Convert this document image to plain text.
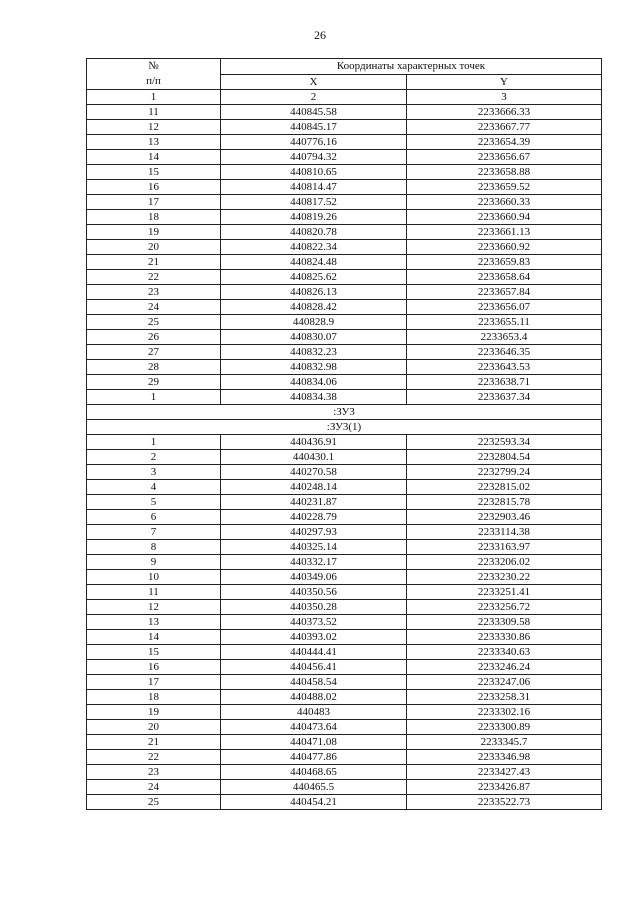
26
№
п/п	Координаты характерных точек	
	X	Y
1	2	3
11	440845.58	2233666.33
12	440845.17	2233667.77
13	440776.16	2233654.39
14	440794.32	2233656.67
15	440810.65	2233658.88
16	440814.47	2233659.52
17	440817.52	2233660.33
18	440819.26	2233660.94
19	440820.78	2233661.13
20	440822.34	2233660.92
21	440824.48	2233659.83
22	440825.62	2233658.64
23	440826.13	2233657.84
24	440828.42	2233656.07
25	440828.9	2233655.11
26	440830.07	2233653.4
27	440832.23	2233646.35
28	440832.98	2233643.53
29	440834.06	2233638.71
1	440834.38	2233637.34
:ЗУ3		
:ЗУ3(1)		
1	440436.91	2232593.34
2	440430.1	2232804.54
3	440270.58	2232799.24
4	440248.14	2232815.02
5	440231.87	2232815.78
6	440228.79	2232903.46
7	440297.93	2233114.38
8	440325.14	2233163.97
9	440332.17	2233206.02
10	440349.06	2233230.22
11	440350.56	2233251.41
12	440350.28	2233256.72
13	440373.52	2233309.58
14	440393.02	2233330.86
15	440444.41	2233340.63
16	440456.41	2233246.24
17	440458.54	2233247.06
18	440488.02	2233258.31
19	440483	2233302.16
20	440473.64	2233300.89
21	440471.08	2233345.7
22	440477.86	2233346.98
23	440468.65	2233427.43
24	440465.5	2233426.87
25	440454.21	2233522.73
